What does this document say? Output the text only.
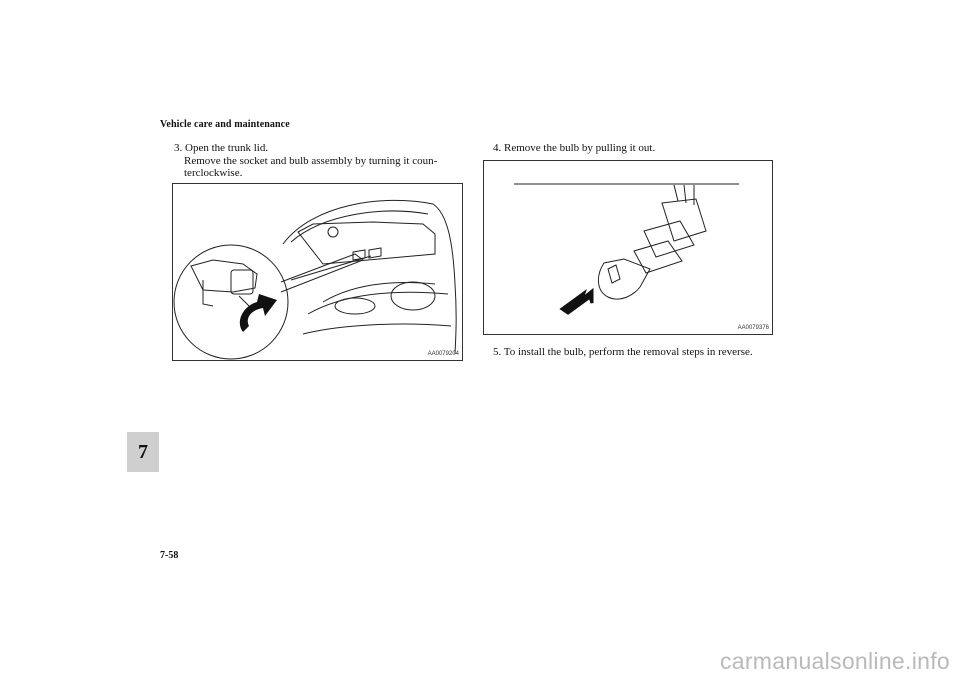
Vehicle care and maintenance
3. Open the trunk lid.
Remove the socket and bulb assembly by turning it coun-
terclockwise.
AA0079204
4. Remove the bulb by pulling it out.
AA0079376
5. To install the bulb, perform the removal steps in reverse.
7
7-58
carmanualsonline.info
